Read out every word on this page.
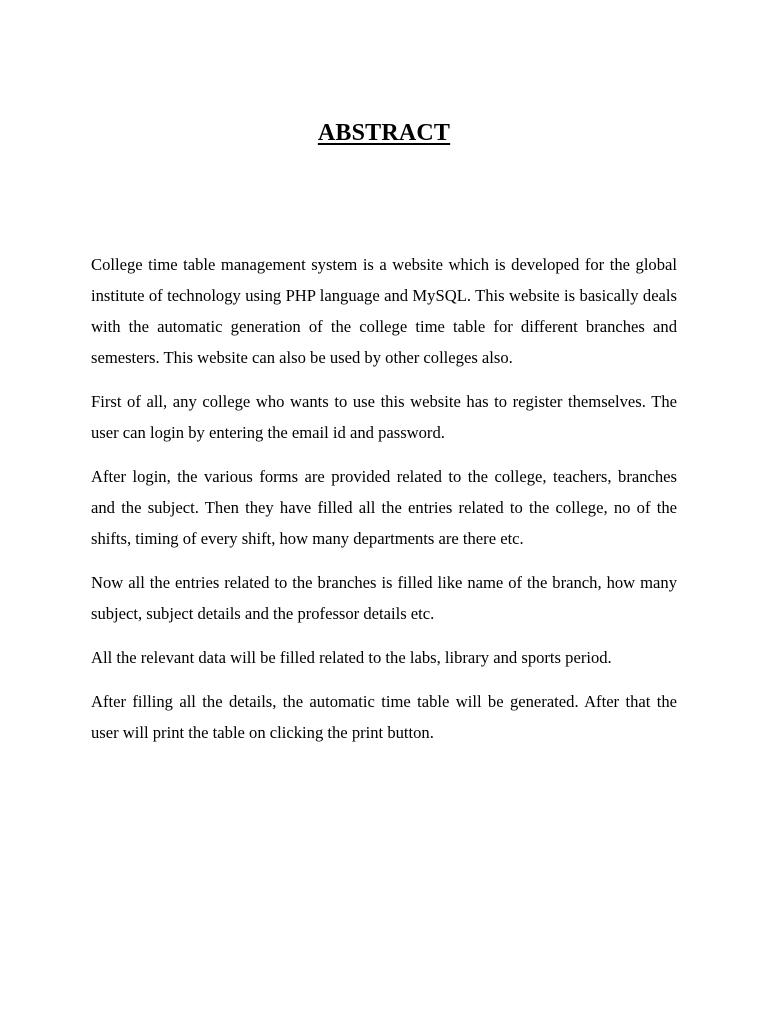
ABSTRACT

College time table management system is a website which is developed for the global institute of technology using PHP language and MySQL. This website is basically deals with the automatic generation of the college time table for different branches and semesters. This website can also be used by other colleges also.

First of all, any college who wants to use this website has to register themselves. The user can login by entering the email id and password.

After login, the various forms are provided related to the college, teachers, branches and the subject. Then they have filled all the entries related to the college, no of the shifts, timing of every shift, how many departments are there etc.

Now all the entries related to the branches is filled like name of the branch, how many subject, subject details and the professor details etc.

All the relevant data will be filled related to the labs, library and sports period.

After filling all the details, the automatic time table will be generated. After that the user will print the table on clicking the print button.
